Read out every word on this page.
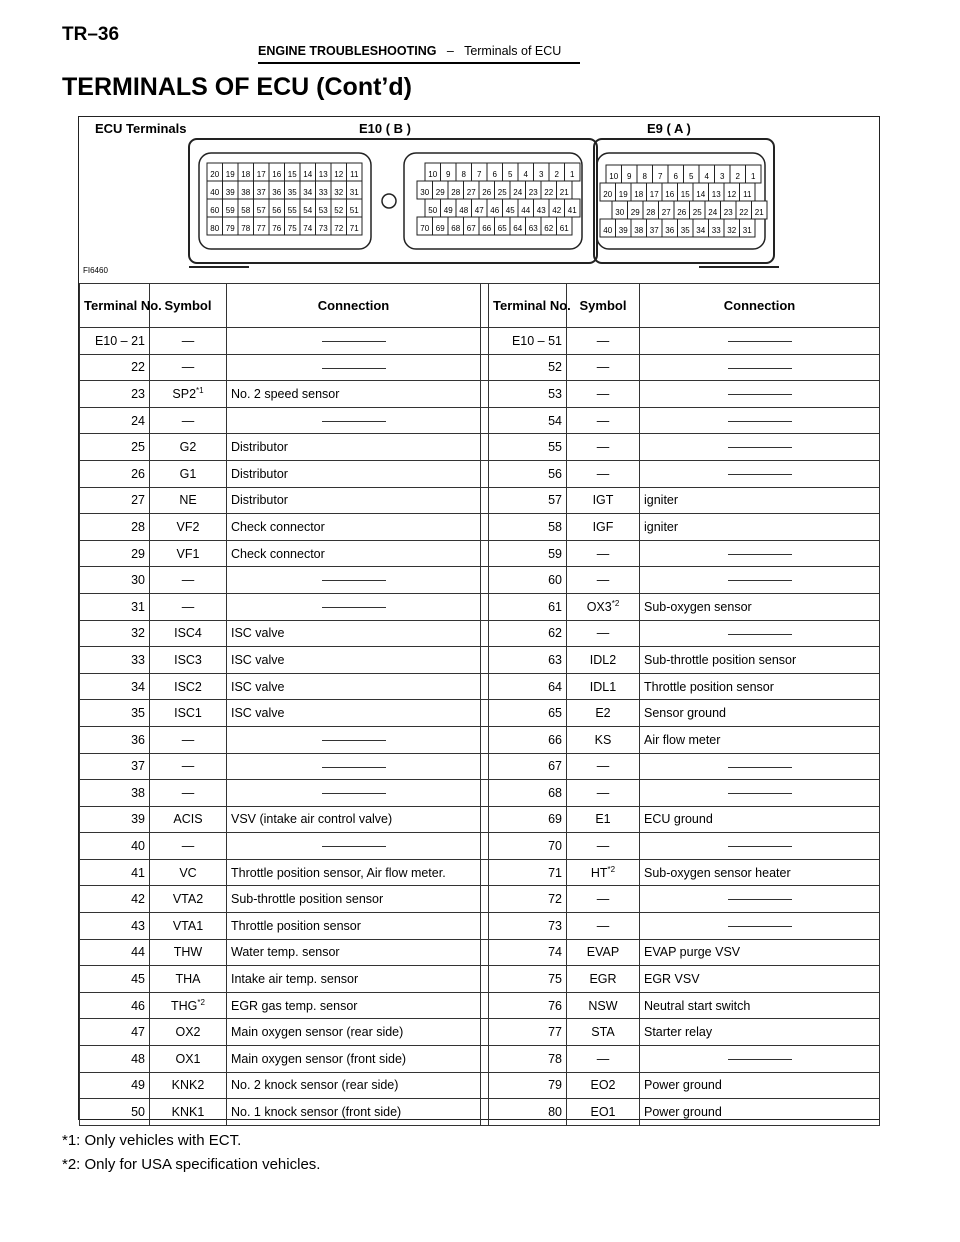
TR–36
ENGINE TROUBLESHOOTING – Terminals of ECU
TERMINALS OF ECU (Cont’d)
ECU Terminals	E10 ( B )	E9 ( A )
20 19 18 17 16 15 14 13 12 11
40 39 38 37 36 35 34 33 32 31
60 59 58 57 56 55 54 53 52 51
80 79 78 77 76 75 74 73 72 71
10 9 8 7 6 5 4 3 2 1
30 29 28 27 26 25 24 23 22 21
50 49 48 47 46 45 44 43 42 41
70 69 68 67 66 65 64 63 62 61
10 9 8 7 6 5 4 3 2 1
20 19 18 17 16 15 14 13 12 11
30 29 28 27 26 25 24 23 22 21
40 39 38 37 36 35 34 33 32 31
FI6460
Terminal No.	Symbol	Connection		Terminal No.	Symbol	Connection
E10 – 21	—			E10 – 51	—	
22	—			52	—	
23	SP2$^{*1}$	No. 2 speed sensor		53	—	
24	—			54	—	
25	G2	Distributor		55	—	
26	G1	Distributor		56	—	
27	NE	Distributor		57	IGT	igniter
28	VF2	Check connector		58	IGF	igniter
29	VF1	Check connector		59	—	
30	—			60	—	
31	—			61	OX3$^{*2}$	Sub-oxygen sensor
32	ISC4	ISC valve		62	—	
33	ISC3	ISC valve		63	IDL2	Sub-throttle position sensor
34	ISC2	ISC valve		64	IDL1	Throttle position sensor
35	ISC1	ISC valve		65	E2	Sensor ground
36	—			66	KS	Air flow meter
37	—			67	—	
38	—			68	—	
39	ACIS	VSV (intake air control valve)		69	E1	ECU ground
40	—			70	—	
41	VC	Throttle position sensor, Air flow meter.		71	HT$^{*2}$	Sub-oxygen sensor heater
42	VTA2	Sub-throttle position sensor		72	—	
43	VTA1	Throttle position sensor		73	—	
44	THW	Water temp. sensor		74	EVAP	EVAP purge VSV
45	THA	Intake air temp. sensor		75	EGR	EGR VSV
46	THG$^{*2}$	EGR gas temp. sensor		76	NSW	Neutral start switch
47	OX2	Main oxygen sensor (rear side)		77	STA	Starter relay
48	OX1	Main oxygen sensor (front side)		78	—	
49	KNK2	No. 2 knock sensor (rear side)		79	EO2	Power ground
50	KNK1	No. 1 knock sensor (front side)		80	EO1	Power ground
*1: Only vehicles with ECT.
*2: Only for USA specification vehicles.
